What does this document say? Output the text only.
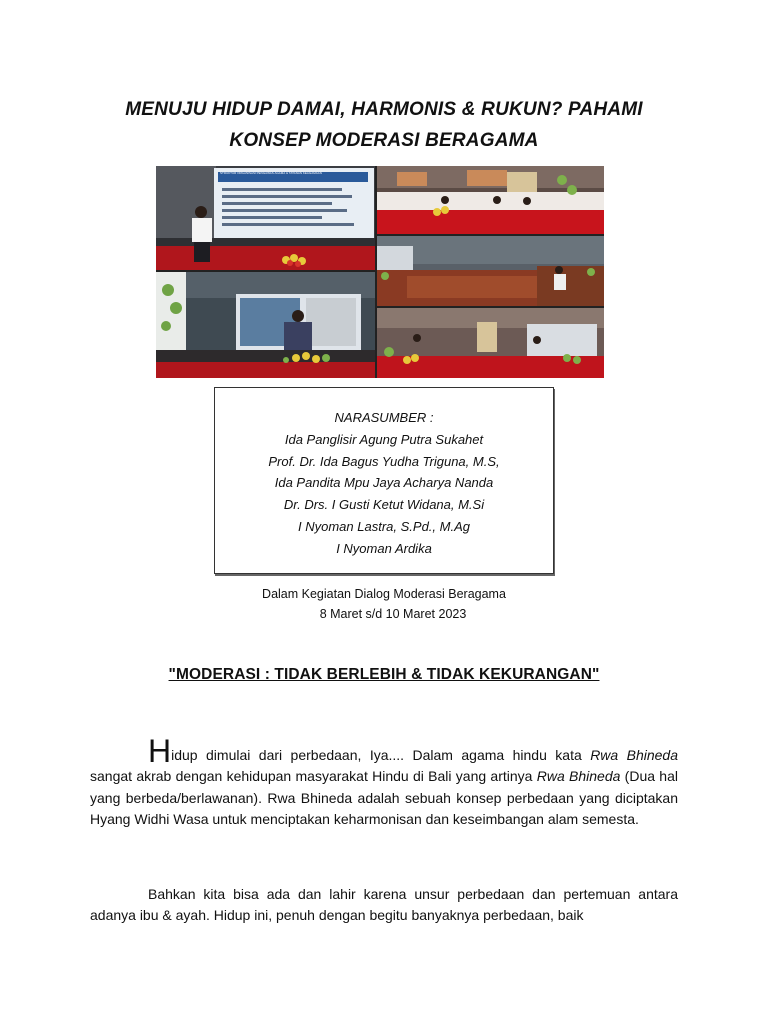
MENUJU HIDUP DAMAI, HARMONIS & RUKUN? PAHAMI
KONSEP MODERASI BERAGAMA
STRUKTUR ORGANISASI PENGAWAS AGAMA & TATANAN KEAGAMAAN
NARASUMBER :
Ida Panglisir Agung Putra Sukahet
Prof. Dr. Ida Bagus Yudha Triguna, M.S,
Ida Pandita Mpu Jaya Acharya Nanda
Dr. Drs. I Gusti Ketut Widana, M.Si
I Nyoman Lastra, S.Pd., M.Ag
I Nyoman Ardika
Dalam Kegiatan Dialog Moderasi Beragama
8 Maret s/d 10 Maret 2023
"MODERASI : TIDAK BERLEBIH & TIDAK KEKURANGAN"
Hidup dimulai dari perbedaan, Iya.... Dalam agama hindu kata Rwa Bhineda sangat akrab dengan kehidupan masyarakat Hindu di Bali yang artinya Rwa Bhineda (Dua hal yang berbeda/berlawanan). Rwa Bhineda adalah sebuah konsep perbedaan yang diciptakan Hyang Widhi Wasa untuk menciptakan keharmonisan dan keseimbangan alam semesta.
Bahkan kita bisa ada dan lahir karena unsur perbedaan dan pertemuan antara adanya ibu & ayah. Hidup ini, penuh dengan begitu banyaknya perbedaan, baik
